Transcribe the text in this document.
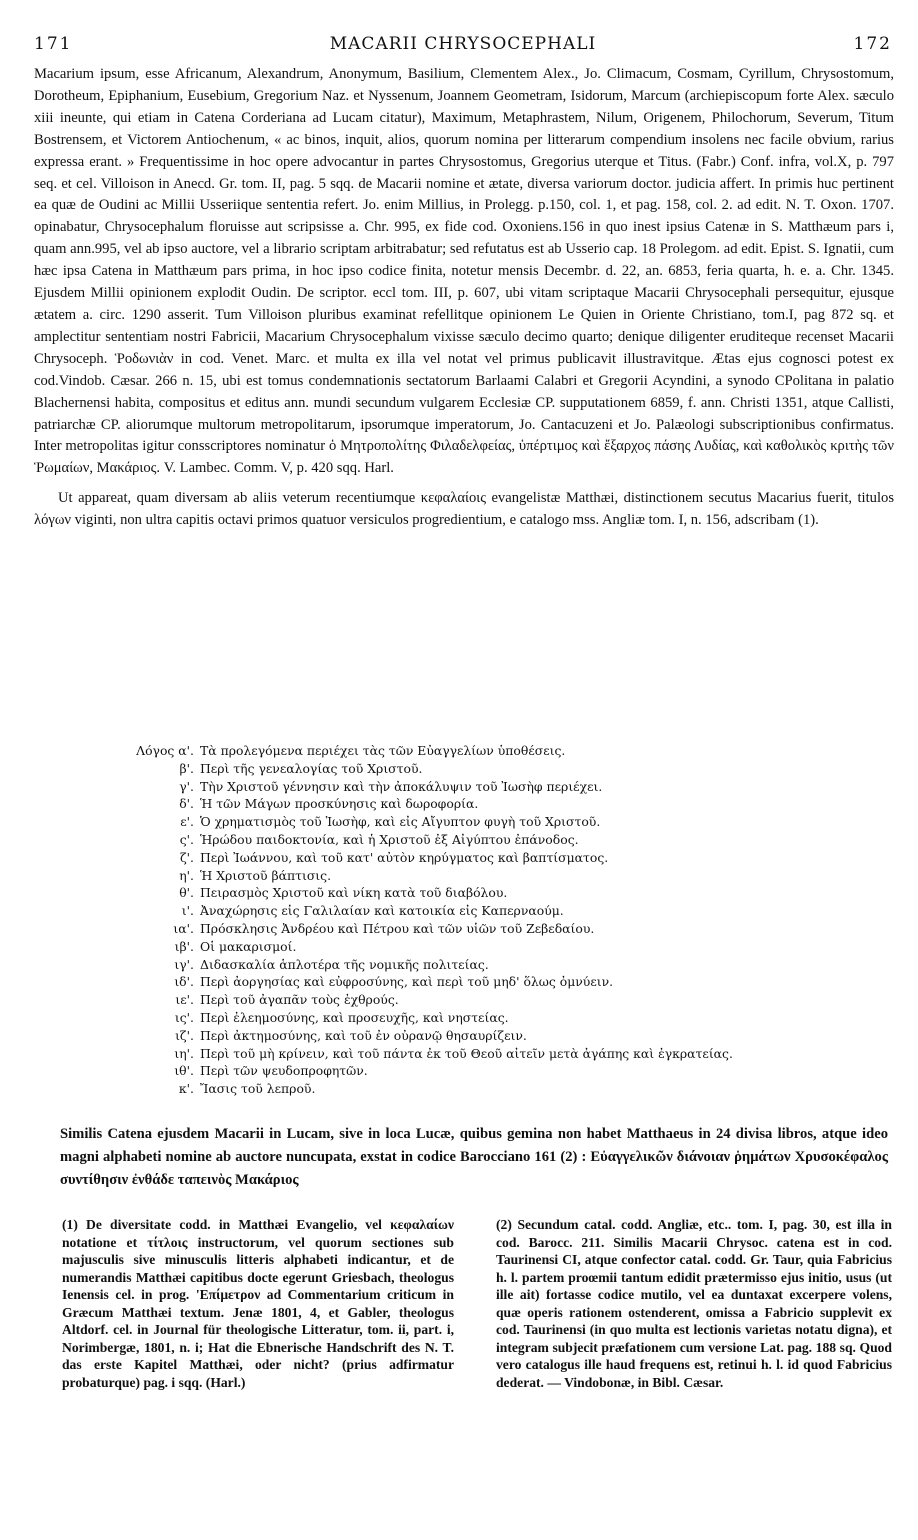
171	MACARII CHRYSOCEPHALI	172

Macarium ipsum, esse Africanum, Alexandrum, Anonymum, Basilium, Clementem Alex., Jo. Climacum, Cosmam, Cyrillum, Chrysostomum, Dorotheum, Epiphanium, Eusebium, Gregorium Naz. et Nyssenum, Joannem Geometram, Isidorum, Marcum (archiepiscopum forte Alex. sæculo xiii ineunte, qui etiam in Catena Corderiana ad Lucam citatur), Maximum, Metaphrastem, Nilum, Origenem, Philochorum, Severum, Titum Bostrensem, et Victorem Antiochenum, « ac binos, inquit, alios, quorum nomina per litterarum compendium insolens nec facile obvium, rarius expressa erant. » Frequentissime in hoc opere advocantur in partes Chrysostomus, Gregorius uterque et Titus. (Fabr.) Conf. infra, vol.X, p. 797 seq. et cel. Villoison in Anecd. Gr. tom. II, pag. 5 sqq. de Macarii nomine et ætate, diversa variorum doctor. judicia affert. In primis huc pertinent ea quæ de Oudini ac Millii Usseriique sententia refert. Jo. enim Millius, in Prolegg. p.150, col. 1, et pag. 158, col. 2. ad edit. N. T. Oxon. 1707. opinabatur, Chrysocephalum floruisse aut scripsisse a. Chr. 995, ex fide cod. Oxoniens.156 in quo inest ipsius Catenæ in S. Matthæum pars i, quam ann.995, vel ab ipso auctore, vel a librario scriptam arbitrabatur; sed refutatus est ab Usserio cap. 18 Prolegom. ad edit. Epist. S. Ignatii, cum hæc ipsa Catena in Matthæum pars prima, in hoc ipso codice finita, notetur mensis Decembr. d. 22, an. 6853, feria quarta, h. e. a. Chr. 1345. Ejusdem Millii opinionem explodit Oudin. De scriptor. eccl tom. III, p. 607, ubi vitam scriptaque Macarii Chrysocephali persequitur, ejusque ætatem a. circ. 1290 asserit. Tum Villoison pluribus examinat refellitque opinionem Le Quien in Oriente Christiano, tom.I, pag 872 sq. et amplectitur sententiam nostri Fabricii, Macarium Chrysocephalum vixisse sæculo decimo quarto; denique diligenter eruditeque recenset Macarii Chrysoceph. Ῥοδωνιὰν in cod. Venet. Marc. et multa ex illa vel notat vel primus publicavit illustravitque. Ætas ejus cognosci potest ex cod.Vindob. Cæsar. 266 n. 15, ubi est tomus condemnationis sectatorum Barlaami Calabri et Gregorii Acyndini, a synodo CPolitana in palatio Blachernensi habita, compositus et editus ann. mundi secundum vulgarem Ecclesiæ CP. supputationem 6859, f. ann. Christi 1351, atque Callisti, patriarchæ CP. aliorumque multorum metropolitarum, ipsorumque imperatorum, Jo. Cantacuzeni et Jo. Palæologi subscriptionibus confirmatus. Inter metropolitas igitur consscriptores nominatur ὁ Μητροπολίτης Φιλαδελφείας, ὑπέρτιμος καὶ ἔξαρχος πάσης Λυδίας, καὶ καθολικὸς κριτὴς τῶν Ῥωμαίων, Μακάριος. V. Lambec. Comm. V, p. 420 sqq. Harl.

Ut appareat, quam diversam ab aliis veterum recentiumque κεφαλαίοις evangelistæ Matthæi, distinctionem secutus Macarius fuerit, titulos λόγων viginti, non ultra capitis octavi primos quatuor versiculos progredientium, e catalogo mss. Angliæ tom. I, n. 156, adscribam (1).

Λόγος α'. Τὰ προλεγόμενα περιέχει τὰς τῶν Εὐαγγελίων ὑποθέσεις.
β'. Περὶ τῆς γενεαλογίας τοῦ Χριστοῦ.
γ'. Τὴν Χριστοῦ γέννησιν καὶ τὴν ἀποκάλυψιν τοῦ Ἰωσὴφ περιέχει.
δ'. Ἡ τῶν Μάγων προσκύνησις καὶ δωροφορία.
ε'. Ὁ χρηματισμὸς τοῦ Ἰωσὴφ, καὶ εἰς Αἴγυπτον φυγὴ τοῦ Χριστοῦ.
ς'. Ἡρώδου παιδοκτονία, καὶ ἡ Χριστοῦ ἐξ Αἰγύπτου ἐπάνοδος.
ζ'. Περὶ Ἰωάννου, καὶ τοῦ κατ' αὐτὸν κηρύγματος καὶ βαπτίσματος.
η'. Ἡ Χριστοῦ βάπτισις.
θ'. Πειρασμὸς Χριστοῦ καὶ νίκη κατὰ τοῦ διαβόλου.
ι'. Ἀναχώρησις εἰς Γαλιλαίαν καὶ κατοικία εἰς Καπερναούμ.
ια'. Πρόσκλησις Ἀνδρέου καὶ Πέτρου καὶ τῶν υἱῶν τοῦ Ζεβεδαίου.
ιβ'. Οἱ μακαρισμοί.
ιγ'. Διδασκαλία ἁπλοτέρα τῆς νομικῆς πολιτείας.
ιδ'. Περὶ ἀοργησίας καὶ εὐφροσύνης, καὶ περὶ τοῦ μηδ' ὅλως ὀμνύειν.
ιε'. Περὶ τοῦ ἀγαπᾶν τοὺς ἐχθρούς.
ις'. Περὶ ἐλεημοσύνης, καὶ προσευχῆς, καὶ νηστείας.
ιζ'. Περὶ ἀκτημοσύνης, καὶ τοῦ ἐν οὐρανῷ θησαυρίζειν.
ιη'. Περὶ τοῦ μὴ κρίνειν, καὶ τοῦ πάντα ἐκ τοῦ Θεοῦ αἰτεῖν μετὰ ἀγάπης καὶ ἐγκρατείας.
ιθ'. Περὶ τῶν ψευδοπροφητῶν.
κ'. Ἴασις τοῦ λεπροῦ.
Similis Catena ejusdem Macarii in Lucam, sive in loca Lucæ, quibus gemina non habet Matthaeus in 24 divisa libros, atque ideo magni alphabeti nomine ab auctore nuncupata, exstat in codice Barocciano 161 (2) : Εὐαγγελικῶν διάνοιαν ῥημάτων Χρυσοκέφαλος συντίθησιν ἐνθάδε ταπεινὸς Μακάριος
(1) De diversitate codd. in Matthæi Evangelio, vel κεφαλαίων notatione et τίτλοις instructorum, vel quorum sectiones sub majusculis sive minusculis litteris alphabeti indicantur, et de numerandis Matthæi capitibus docte egerunt Griesbach, theologus Ienensis cel. in prog. 'Επίμετρον ad Commentarium criticum in Græcum Matthæi textum. Jenæ 1801, 4, et Gabler, theologus Altdorf. cel. in Journal für theologische Litteratur, tom. ii, part. i, Norimbergæ, 1801, n. i; Hat die Ebnerische Handschrift des N. T. das erste Kapitel Matthæi, oder nicht? (prius adfirmatur probaturque) pag. i sqq. (Harl.)
(2) Secundum catal. codd. Angliæ, etc.. tom. I, pag. 30, est illa in cod. Barocc. 211. Similis Macarii Chrysoc. catena est in cod. Taurinensi CI, atque confector catal. codd. Gr. Taur, quia Fabricius h. l. partem proœmii tantum edidit prætermisso ejus initio, usus (ut ille ait) fortasse codice mutilo, vel ea duntaxat excerpere volens, quæ operis rationem ostenderent, omissa a Fabricio supplevit ex cod. Taurinensi (in quo multa est lectionis varietas notatu digna), et integram subjecit præfationem cum versione Lat. pag. 188 sq. Quod vero catalogus ille haud frequens est, retinui h. l. id quod Fabricius dederat. — Vindobonæ, in Bibl. Cæsar.
